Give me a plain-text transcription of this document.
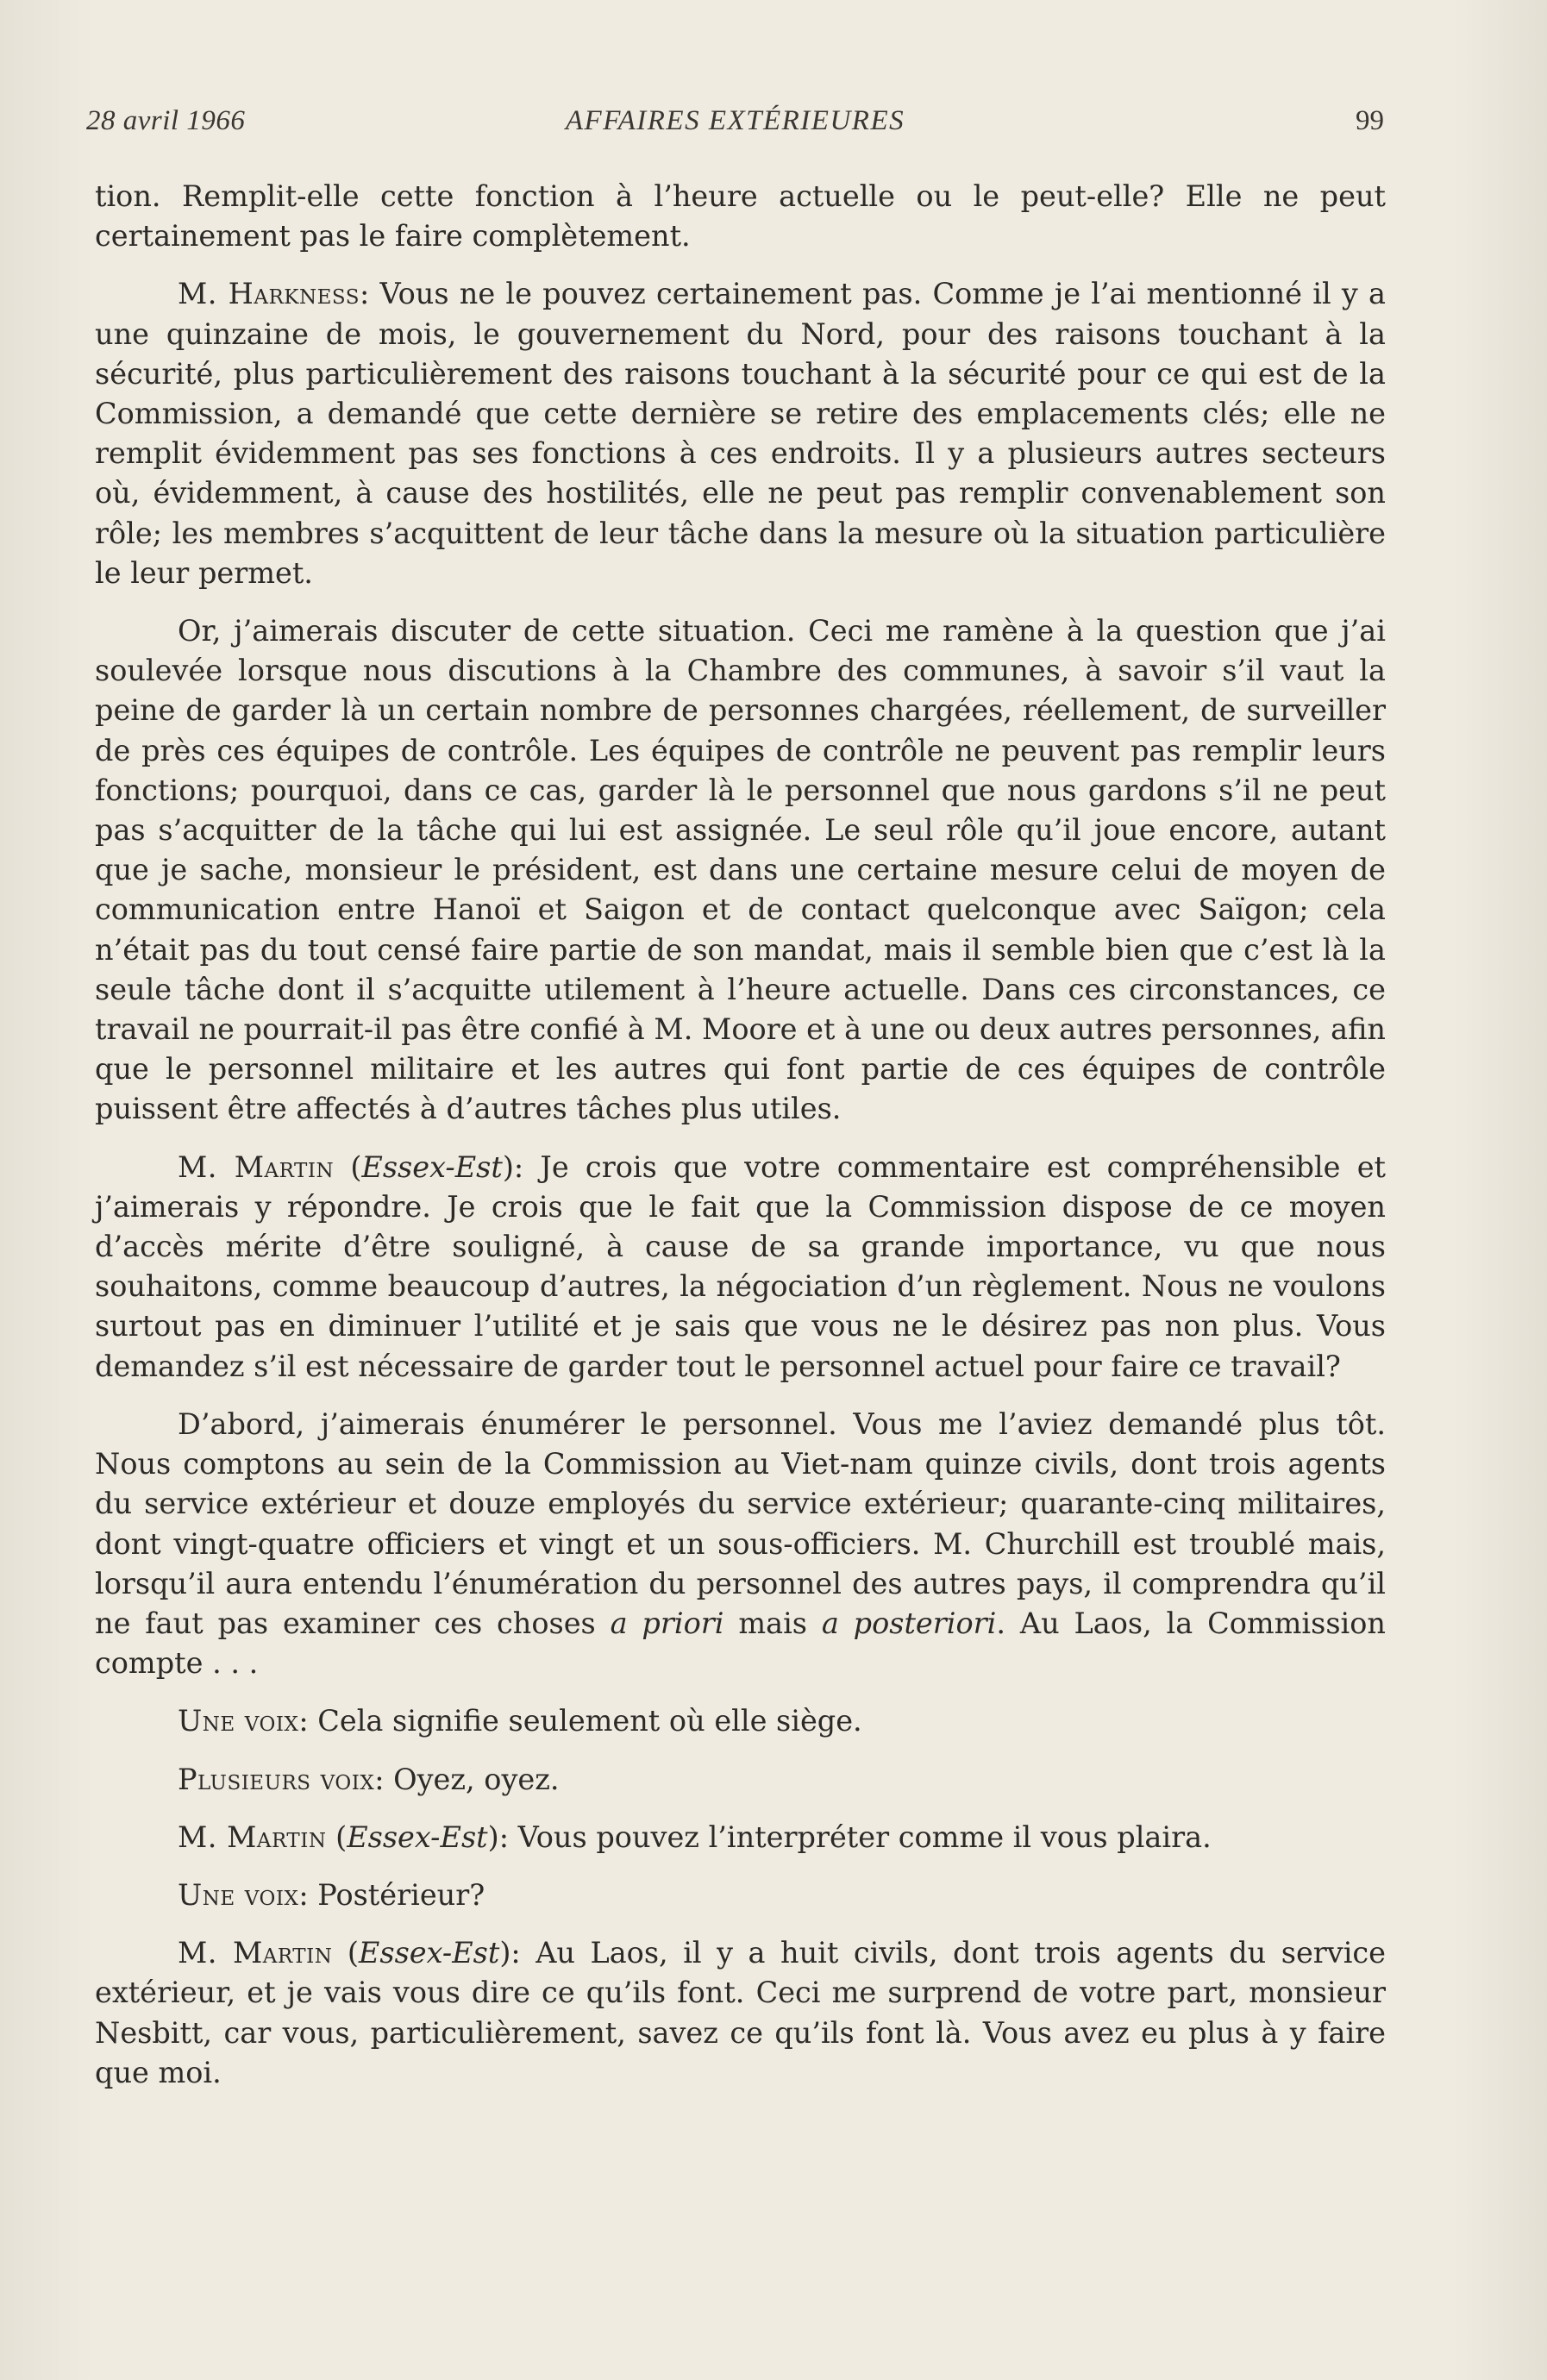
28 avril 1966	AFFAIRES EXTÉRIEURES	99

tion. Remplit-elle cette fonction à l’heure actuelle ou le peut-elle? Elle ne peut certainement pas le faire complètement.

M. Harkness: Vous ne le pouvez certainement pas. Comme je l’ai mentionné il y a une quinzaine de mois, le gouvernement du Nord, pour des raisons touchant à la sécurité, plus particulièrement des raisons touchant à la sécurité pour ce qui est de la Commission, a demandé que cette dernière se retire des emplacements clés; elle ne remplit évidemment pas ses fonctions à ces endroits. Il y a plusieurs autres secteurs où, évidemment, à cause des hostilités, elle ne peut pas remplir convenablement son rôle; les membres s’acquittent de leur tâche dans la mesure où la situation particulière le leur permet.

Or, j’aimerais discuter de cette situation. Ceci me ramène à la question que j’ai soulevée lorsque nous discutions à la Chambre des communes, à savoir s’il vaut la peine de garder là un certain nombre de personnes chargées, réellement, de surveiller de près ces équipes de contrôle. Les équipes de contrôle ne peuvent pas remplir leurs fonctions; pourquoi, dans ce cas, garder là le personnel que nous gardons s’il ne peut pas s’acquitter de la tâche qui lui est assignée. Le seul rôle qu’il joue encore, autant que je sache, monsieur le président, est dans une certaine mesure celui de moyen de communication entre Hanoï et Saigon et de contact quelconque avec Saïgon; cela n’était pas du tout censé faire partie de son mandat, mais il semble bien que c’est là la seule tâche dont il s’acquitte utilement à l’heure actuelle. Dans ces circonstances, ce travail ne pourrait-il pas être confié à M. Moore et à une ou deux autres personnes, afin que le personnel militaire et les autres qui font partie de ces équipes de contrôle puissent être affectés à d’autres tâches plus utiles.

M. Martin (Essex-Est): Je crois que votre commentaire est compréhensible et j’aimerais y répondre. Je crois que le fait que la Commission dispose de ce moyen d’accès mérite d’être souligné, à cause de sa grande importance, vu que nous souhaitons, comme beaucoup d’autres, la négociation d’un règlement. Nous ne voulons surtout pas en diminuer l’utilité et je sais que vous ne le désirez pas non plus. Vous demandez s’il est nécessaire de garder tout le personnel actuel pour faire ce travail?

D’abord, j’aimerais énumérer le personnel. Vous me l’aviez demandé plus tôt. Nous comptons au sein de la Commission au Viet-nam quinze civils, dont trois agents du service extérieur et douze employés du service extérieur; quarante-cinq militaires, dont vingt-quatre officiers et vingt et un sous-officiers. M. Churchill est troublé mais, lorsqu’il aura entendu l’énumération du personnel des autres pays, il comprendra qu’il ne faut pas examiner ces choses a priori mais a posteriori. Au Laos, la Commission compte . . .

Une voix: Cela signifie seulement où elle siège.

Plusieurs voix: Oyez, oyez.

M. Martin (Essex-Est): Vous pouvez l’interpréter comme il vous plaira.

Une voix: Postérieur?

M. Martin (Essex-Est): Au Laos, il y a huit civils, dont trois agents du service extérieur, et je vais vous dire ce qu’ils font. Ceci me surprend de votre part, monsieur Nesbitt, car vous, particulièrement, savez ce qu’ils font là. Vous avez eu plus à y faire que moi.
